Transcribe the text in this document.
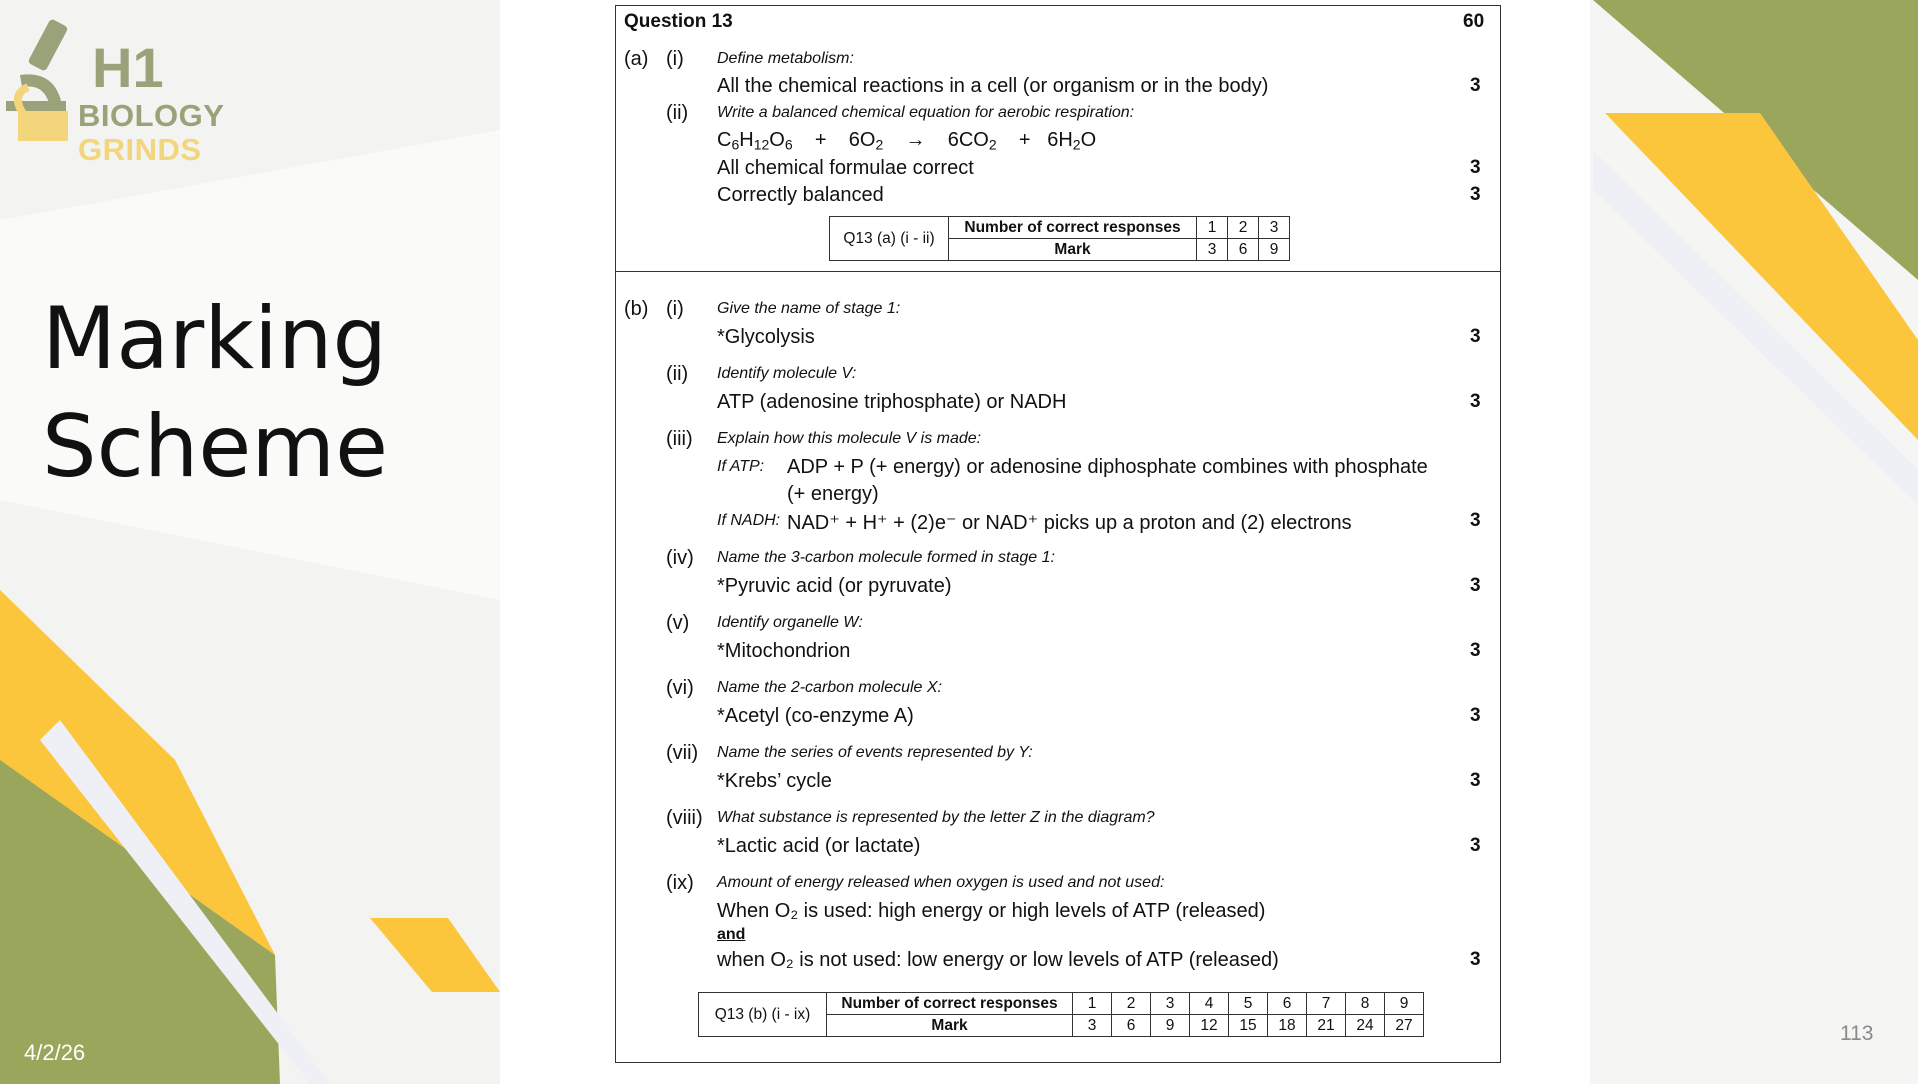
H1
BIOLOGY
GRINDS
Marking
Scheme
4/2/26
113
Question 13	60
(a) (i) Define metabolism:
All the chemical reactions in a cell (or organism or in the body)	3
(ii) Write a balanced chemical equation for aerobic respiration:
$C_6H_{12}O_6$    +    $6O_2$    →    $6CO_2$    +   $6H_2O$
All chemical formulae correct	3
Correctly balanced	3
Q13 (a) (i - ii)	Number of correct responses	1	2	3
	Mark	3	6	9
(b) (i) Give the name of stage 1:
*Glycolysis	3
(ii) Identify molecule V:
ATP (adenosine triphosphate) or NADH	3
(iii) Explain how this molecule V is made:
If ATP: ADP + P (+ energy) or adenosine diphosphate combines with phosphate
(+ energy)
If NADH: NAD⁺ + H⁺ + (2)e⁻ or NAD⁺ picks up a proton and (2) electrons	3
(iv) Name the 3-carbon molecule formed in stage 1:
*Pyruvic acid (or pyruvate)	3
(v) Identify organelle W:
*Mitochondrion	3
(vi) Name the 2-carbon molecule X:
*Acetyl (co-enzyme A)	3
(vii) Name the series of events represented by Y:
*Krebs’ cycle	3
(viii) What substance is represented by the letter Z in the diagram?
*Lactic acid (or lactate)	3
(ix) Amount of energy released when oxygen is used and not used:
When O₂ is used: high energy or high levels of ATP (released)
and
when O₂ is not used: low energy or low levels of ATP (released)	3
Q13 (b) (i - ix)	Number of correct responses	1	2	3	4	5	6	7	8	9
	Mark	3	6	9	12	15	18	21	24	27
